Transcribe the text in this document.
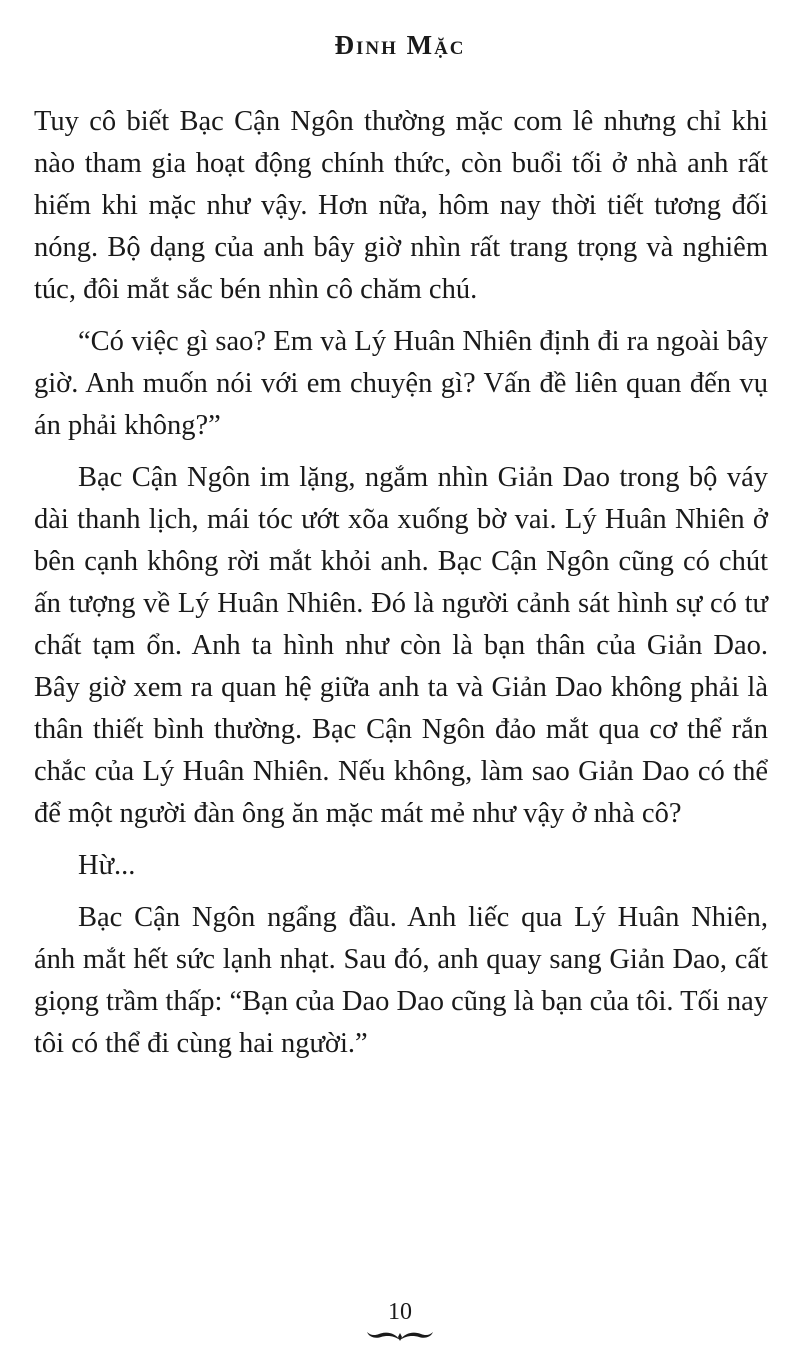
Đinh Mặc

Tuy cô biết Bạc Cận Ngôn thường mặc com lê nhưng chỉ khi nào tham gia hoạt động chính thức, còn buổi tối ở nhà anh rất hiếm khi mặc như vậy. Hơn nữa, hôm nay thời tiết tương đối nóng. Bộ dạng của anh bây giờ nhìn rất trang trọng và nghiêm túc, đôi mắt sắc bén nhìn cô chăm chú.

“Có việc gì sao? Em và Lý Huân Nhiên định đi ra ngoài bây giờ. Anh muốn nói với em chuyện gì? Vấn đề liên quan đến vụ án phải không?”

Bạc Cận Ngôn im lặng, ngắm nhìn Giản Dao trong bộ váy dài thanh lịch, mái tóc ướt xõa xuống bờ vai. Lý Huân Nhiên ở bên cạnh không rời mắt khỏi anh. Bạc Cận Ngôn cũng có chút ấn tượng về Lý Huân Nhiên. Đó là người cảnh sát hình sự có tư chất tạm ổn. Anh ta hình như còn là bạn thân của Giản Dao. Bây giờ xem ra quan hệ giữa anh ta và Giản Dao không phải là thân thiết bình thường. Bạc Cận Ngôn đảo mắt qua cơ thể rắn chắc của Lý Huân Nhiên. Nếu không, làm sao Giản Dao có thể để một người đàn ông ăn mặc mát mẻ như vậy ở nhà cô?

Hừ...

Bạc Cận Ngôn ngẩng đầu. Anh liếc qua Lý Huân Nhiên, ánh mắt hết sức lạnh nhạt. Sau đó, anh quay sang Giản Dao, cất giọng trầm thấp: “Bạn của Dao Dao cũng là bạn của tôi. Tối nay tôi có thể đi cùng hai người.”

10
